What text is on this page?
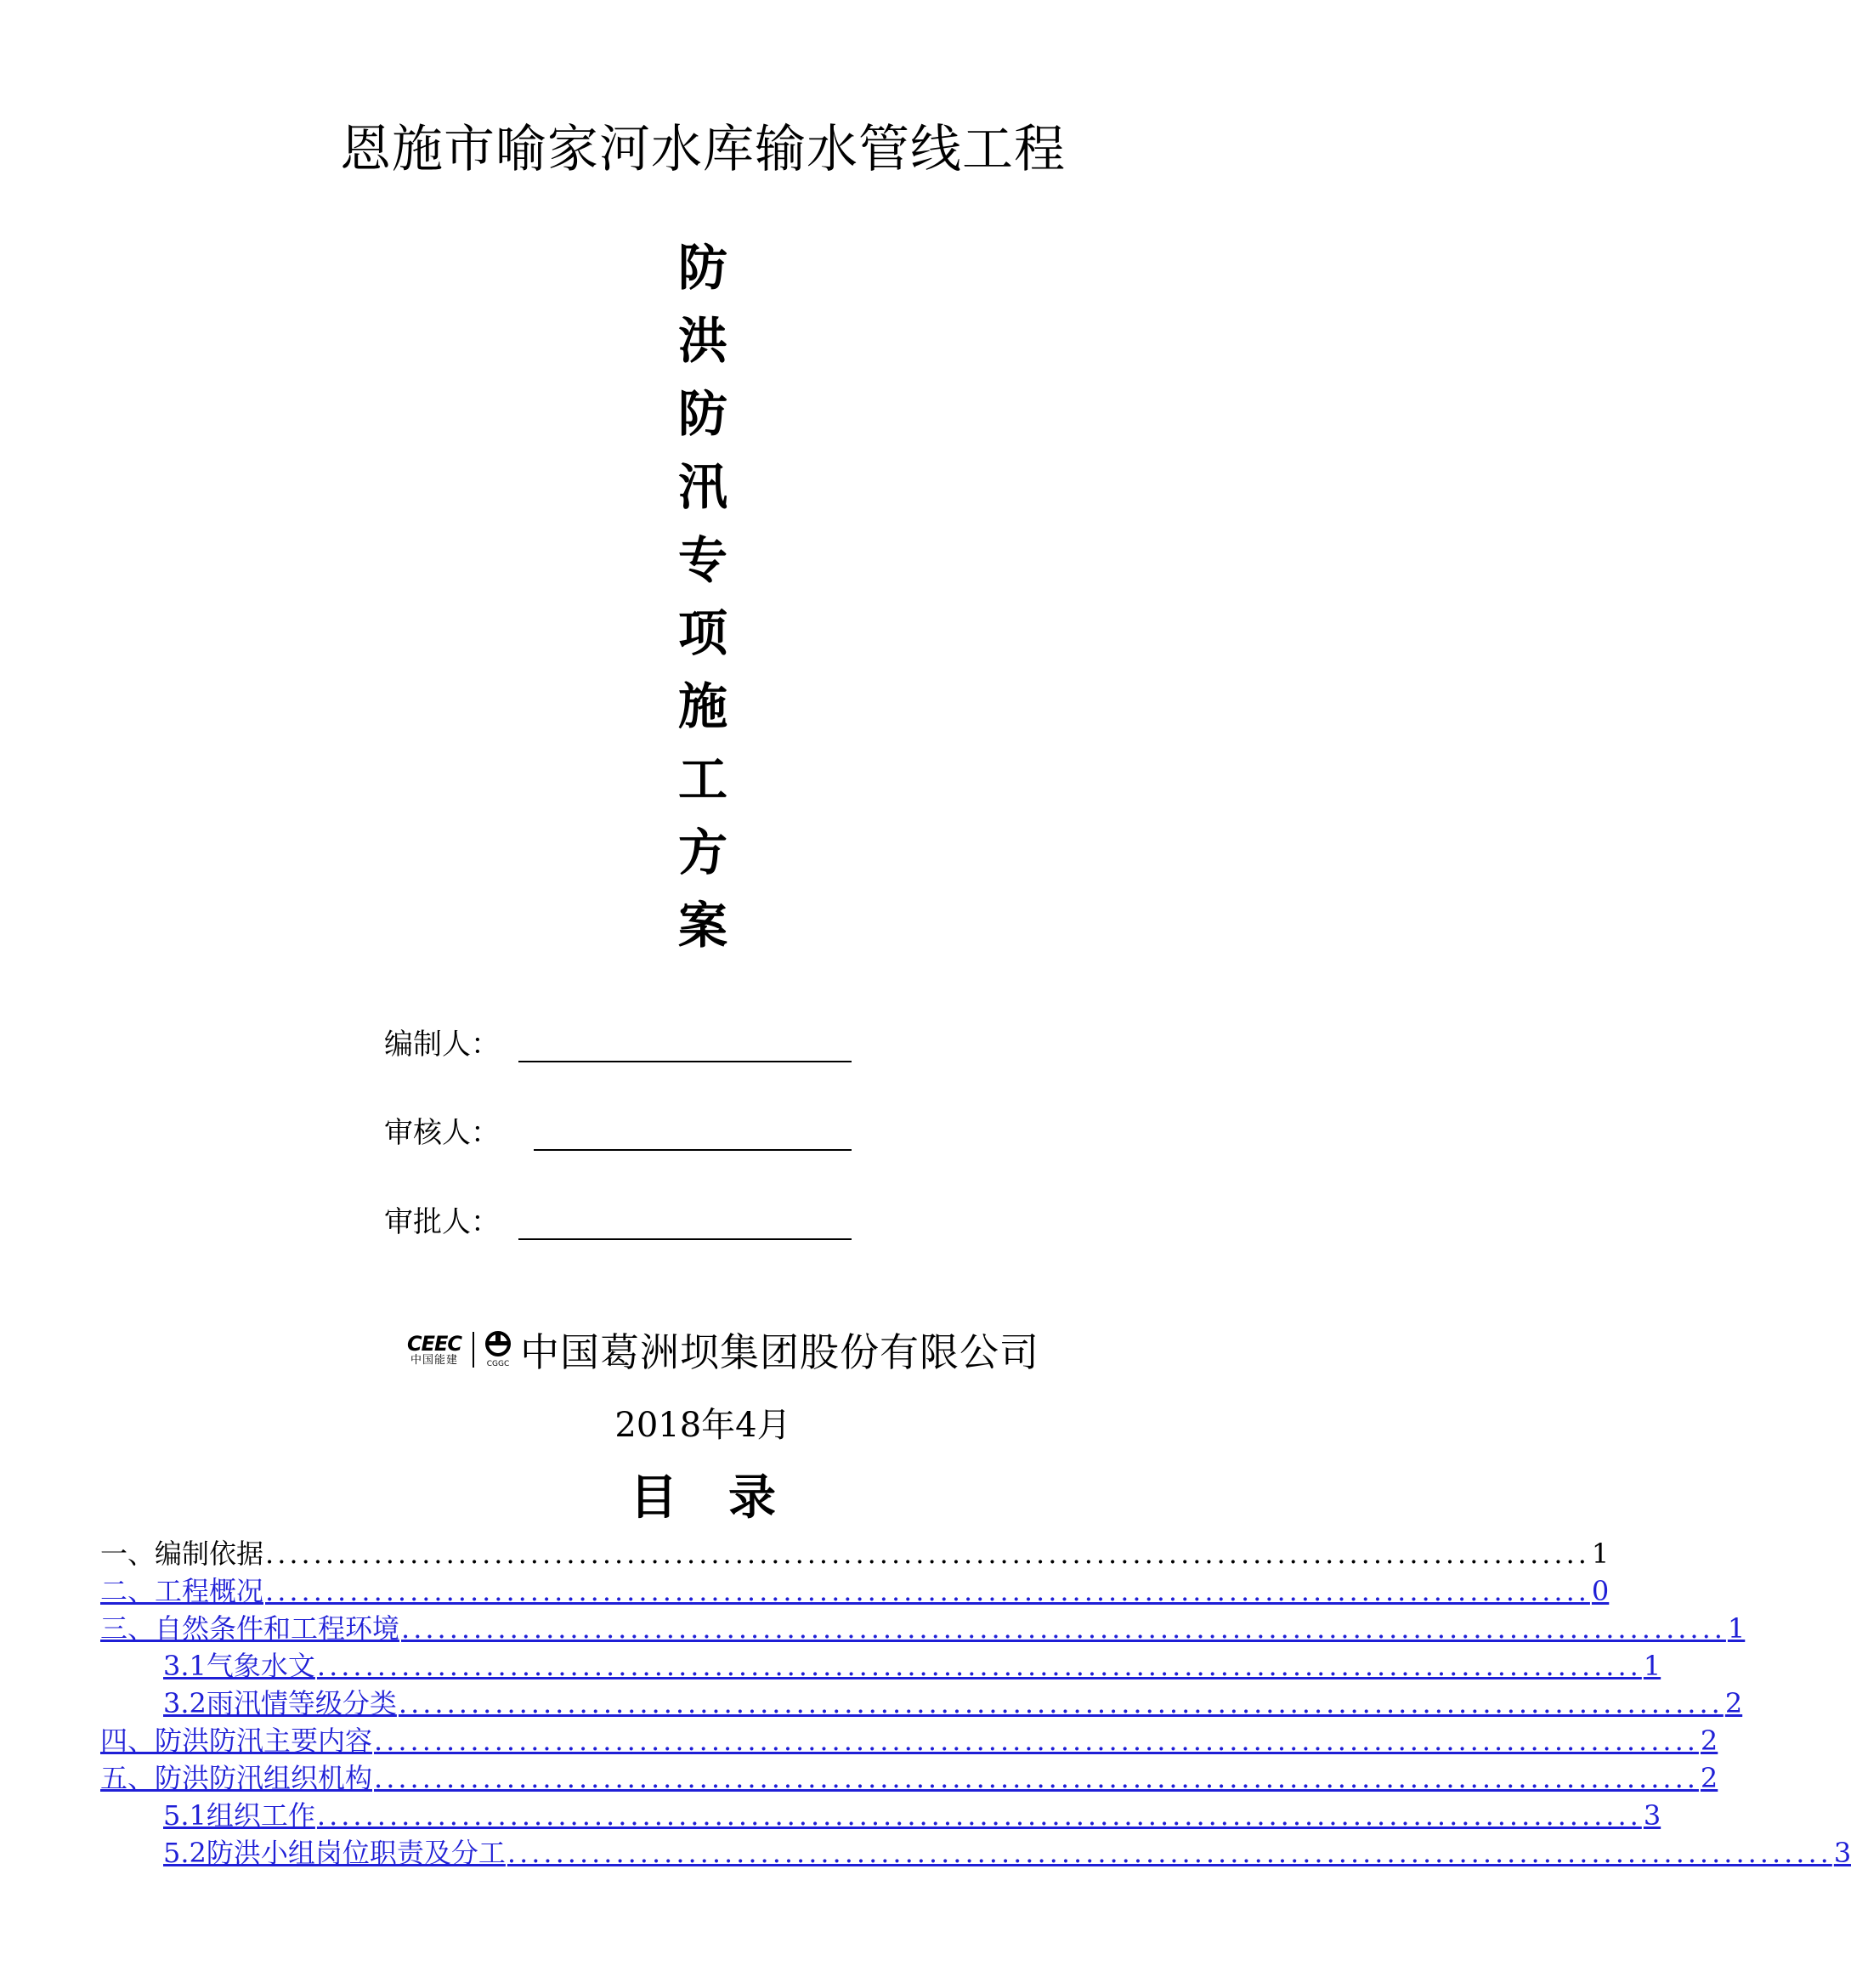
恩施市喻家河水库输水管线工程
防
洪
防
汛
专
项
施
工
方
案
编制人：
审核人：
审批人：
CEEC
中国能建	CGGC 中国葛洲坝集团股份有限公司
2018年4月
目录
一、编制依据 .............................................................................................................. 1
二、工程概况 .............................................................................................................. 0
三、自然条件和工程环境 .............................................................................................................. 1
3.1气象水文 .............................................................................................................. 1
3.2雨汛情等级分类 .............................................................................................................. 2
四、防洪防汛主要内容 .............................................................................................................. 2
五、防洪防汛组织机构 .............................................................................................................. 2
5.1组织工作 .............................................................................................................. 3
5.2防洪小组岗位职责及分工 .............................................................................................................. 3
